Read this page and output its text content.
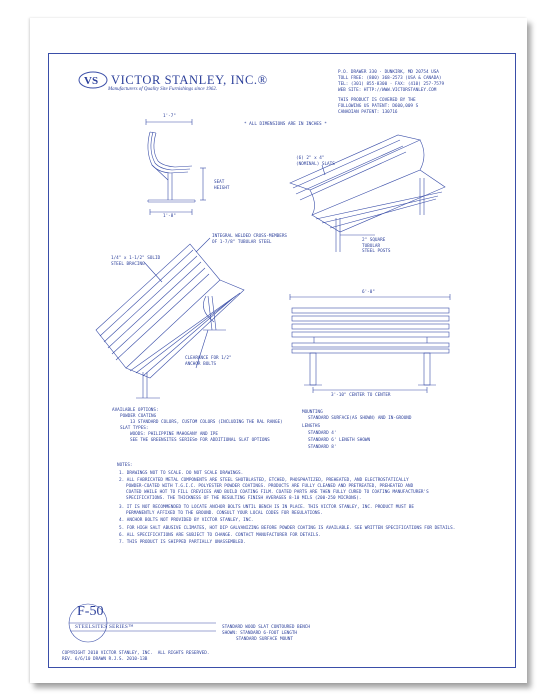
VS VICTOR STANLEY, INC.®
Manufacturers of Quality Site Furnishings since 1962.
P.O. DRAWER 330 · DUNKIRK, MD 20754 USA
TOLL FREE: (800) 368-2573 (USA & CANADA)
TEL: (301) 855-8300 · FAX: (410) 257-7579
WEB SITE: HTTP://WWW.VICTORSTANLEY.COM
THIS PRODUCT IS COVERED BY THE
FOLLOWING US PATENT: D600,009 S
CANADIAN PATENT: 130716
* ALL DIMENSIONS ARE IN INCHES *
1'-7"
1'-8"
SEAT
HEIGHT
(6) 2" x 4"
(NOMINAL) SLATS
2" SQUARE
TUBULAR
STEEL POSTS
INTEGRAL WELDED CROSS-MEMBERS
OF 1-7/8" TUBULAR STEEL
1/4" x 1-1/2" SOLID
STEEL BRACING
CLEARANCE FOR 1/2"
ANCHOR BOLTS
6'-0"
3'-10" CENTER TO CENTER
AVAILABLE OPTIONS:
POWDER COATING
13 STANDARD COLORS, CUSTOM COLORS (INCLUDING THE RAL RANGE)
SLAT TYPES:
WOODS: PHILIPPINE MAHOGANY AND IPE
SEE THE GREENSITES SERIES® FOR ADDITIONAL SLAT OPTIONS
MOUNTING
STANDARD SURFACE(AS SHOWN) AND IN-GROUND
LENGTHS
STANDARD 4'
STANDARD 6' LENGTH SHOWN
STANDARD 8'
NOTES:
1. DRAWINGS NOT TO SCALE. DO NOT SCALE DRAWINGS.
2. ALL FABRICATED METAL COMPONENTS ARE STEEL SHOTBLASTED, ETCHED, PHOSPHATIZED, PREHEATED, AND ELECTROSTATICALLY
POWDER-COATED WITH T.G.I.C. POLYESTER POWDER COATINGS. PRODUCTS ARE FULLY CLEANED AND PRETREATED, PREHEATED AND
COATED WHILE HOT TO FILL CREVICES AND BUILD COATING FILM. COATED PARTS ARE THEN FULLY CURED TO COATING MANUFACTURER'S
SPECIFICATIONS. THE THICKNESS OF THE RESULTING FINISH AVERAGES 8-10 MILS (200-250 MICRONS).
3. IT IS NOT RECOMMENDED TO LOCATE ANCHOR BOLTS UNTIL BENCH IS IN PLACE. THIS VICTOR STANLEY, INC. PRODUCT MUST BE
PERMANENTLY AFFIXED TO THE GROUND. CONSULT YOUR LOCAL CODES FOR REGULATIONS.
4. ANCHOR BOLTS NOT PROVIDED BY VICTOR STANLEY, INC.
5. FOR HIGH SALT ABUSIVE CLIMATES, HOT DIP GALVANIZING BEFORE POWDER COATING IS AVAILABLE. SEE WRITTEN SPECIFICATIONS FOR DETAILS.
6. ALL SPECIFICATIONS ARE SUBJECT TO CHANGE. CONTACT MANUFACTURER FOR DETAILS.
7. THIS PRODUCT IS SHIPPED PARTIALLY UNASSEMBLED.
F-50
STEELSITES SERIES™	STANDARD WOOD SLAT CONTOURED BENCH
SHOWN: STANDARD 6-FOOT LENGTH
STANDARD SURFACE MOUNT
COPYRIGHT 2010 VICTOR STANLEY, INC.  ALL RIGHTS RESERVED.
REV. 6/6/10 DRAWN R.J.S. 2010-13B
